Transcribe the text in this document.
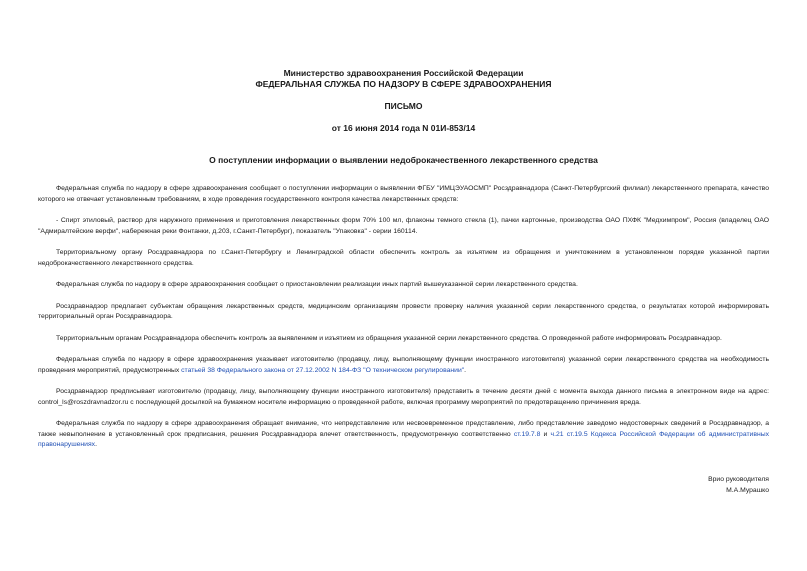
Министерство здравоохранения Российской Федерации
ФЕДЕРАЛЬНАЯ СЛУЖБА ПО НАДЗОРУ В СФЕРЕ ЗДРАВООХРАНЕНИЯ
ПИСЬМО
от 16 июня 2014 года N 01И-853/14
О поступлении информации о выявлении недоброкачественного лекарственного средства

Федеральная служба по надзору в сфере здравоохранения сообщает о поступлении информации о выявлении ФГБУ "ИМЦЭУАОСМП" Росздравнадзора (Санкт-Петербургский филиал) лекарственного препарата, качество которого не отвечает установленным требованиям, в ходе проведения государственного контроля качества лекарственных средств:

- Спирт этиловый, раствор для наружного применения и приготовления лекарственных форм 70% 100 мл, флаконы темного стекла (1), пачки картонные, производства ОАО ПХФК "Медхимпром", Россия (владелец ОАО "Адмиралтейские верфи", набережная реки Фонтанки, д.203, г.Санкт-Петербург), показатель "Упаковка" - серии 160114.

Территориальному органу Росздравнадзора по г.Санкт-Петербургу и Ленинградской области обеспечить контроль за изъятием из обращения и уничтожением в установленном порядке указанной партии недоброкачественного лекарственного средства.

Федеральная служба по надзору в сфере здравоохранения сообщает о приостановлении реализации иных партий вышеуказанной серии лекарственного средства.

Росздравнадзор предлагает субъектам обращения лекарственных средств, медицинским организациям провести проверку наличия указанной серии лекарственного средства, о результатах которой информировать территориальный орган Росздравнадзора.

Территориальным органам Росздравнадзора обеспечить контроль за выявлением и изъятием из обращения указанной серии лекарственного средства. О проведенной работе информировать Росздравнадзор.

Федеральная служба по надзору в сфере здравоохранения указывает изготовителю (продавцу, лицу, выполняющему функции иностранного изготовителя) указанной серии лекарственного средства на необходимость проведения мероприятий, предусмотренных статьей 38 Федерального закона от 27.12.2002 N 184-ФЗ "О техническом регулировании".

Росздравнадзор предписывает изготовителю (продавцу, лицу, выполняющему функции иностранного изготовителя) представить в течение десяти дней с момента выхода данного письма в электронном виде на адрес: control_ls@roszdravnadzor.ru с последующей досылкой на бумажном носителе информацию о проведенной работе, включая программу мероприятий по предотвращению причинения вреда.

Федеральная служба по надзору в сфере здравоохранения обращает внимание, что непредставление или несвоевременное представление, либо представление заведомо недостоверных сведений в Росздравнадзор, а также невыполнение в установленный срок предписания, решения Росздравнадзора влечет ответственность, предусмотренную соответственно ст.19.7.8 и ч.21 ст.19.5 Кодекса Российской Федерации об административных правонарушениях.

Врио руководителя
М.А.Мурашко
